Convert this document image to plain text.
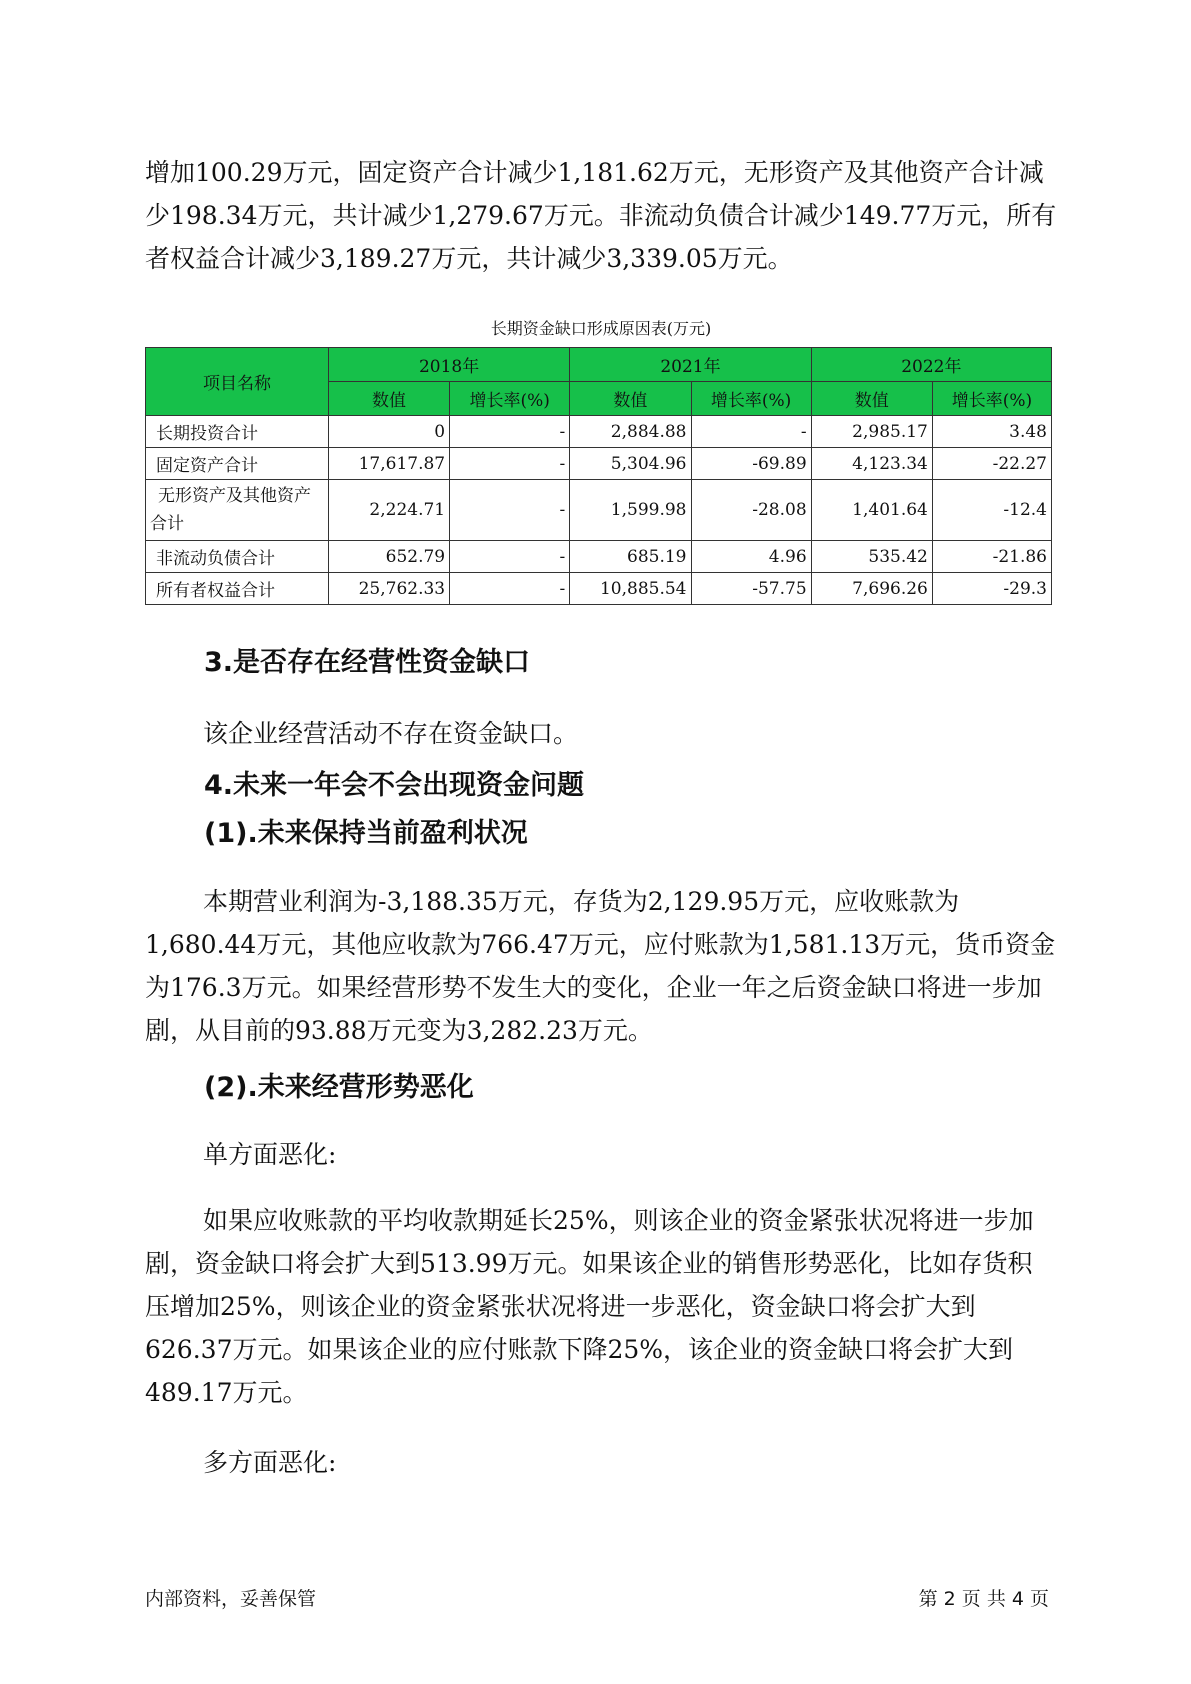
增加100.29万元，固定资产合计减少1,181.62万元，无形资产及其他资产合计减少198.34万元，共计减少1,279.67万元。非流动负债合计减少149.77万元，所有者权益合计减少3,189.27万元，共计减少3,339.05万元。

长期资金缺口形成原因表(万元)
项目名称	2018年		2021年		2022年	
	数值	增长率(%)	数值	增长率(%)	数值	增长率(%)
长期投资合计	0	-	2,884.88	-	2,985.17	3.48
固定资产合计	17,617.87	-	5,304.96	-69.89	4,123.34	-22.27
无形资产及其他资产合计	2,224.71	-	1,599.98	-28.08	1,401.64	-12.4
非流动负债合计	652.79	-	685.19	4.96	535.42	-21.86
所有者权益合计	25,762.33	-	10,885.54	-57.75	7,696.26	-29.3
3.是否存在经营性资金缺口

该企业经营活动不存在资金缺口。

4.未来一年会不会出现资金问题
(1).未来保持当前盈利状况

本期营业利润为-3,188.35万元，存货为2,129.95万元，应收账款为1,680.44万元，其他应收款为766.47万元，应付账款为1,581.13万元，货币资金为176.3万元。如果经营形势不发生大的变化，企业一年之后资金缺口将进一步加剧，从目前的93.88万元变为3,282.23万元。

(2).未来经营形势恶化

单方面恶化:

如果应收账款的平均收款期延长25%，则该企业的资金紧张状况将进一步加剧，资金缺口将会扩大到513.99万元。如果该企业的销售形势恶化，比如存货积压增加25%，则该企业的资金紧张状况将进一步恶化，资金缺口将会扩大到626.37万元。如果该企业的应付账款下降25%，该企业的资金缺口将会扩大到489.17万元。

多方面恶化:

内部资料，妥善保管	第 2 页 共 4 页
